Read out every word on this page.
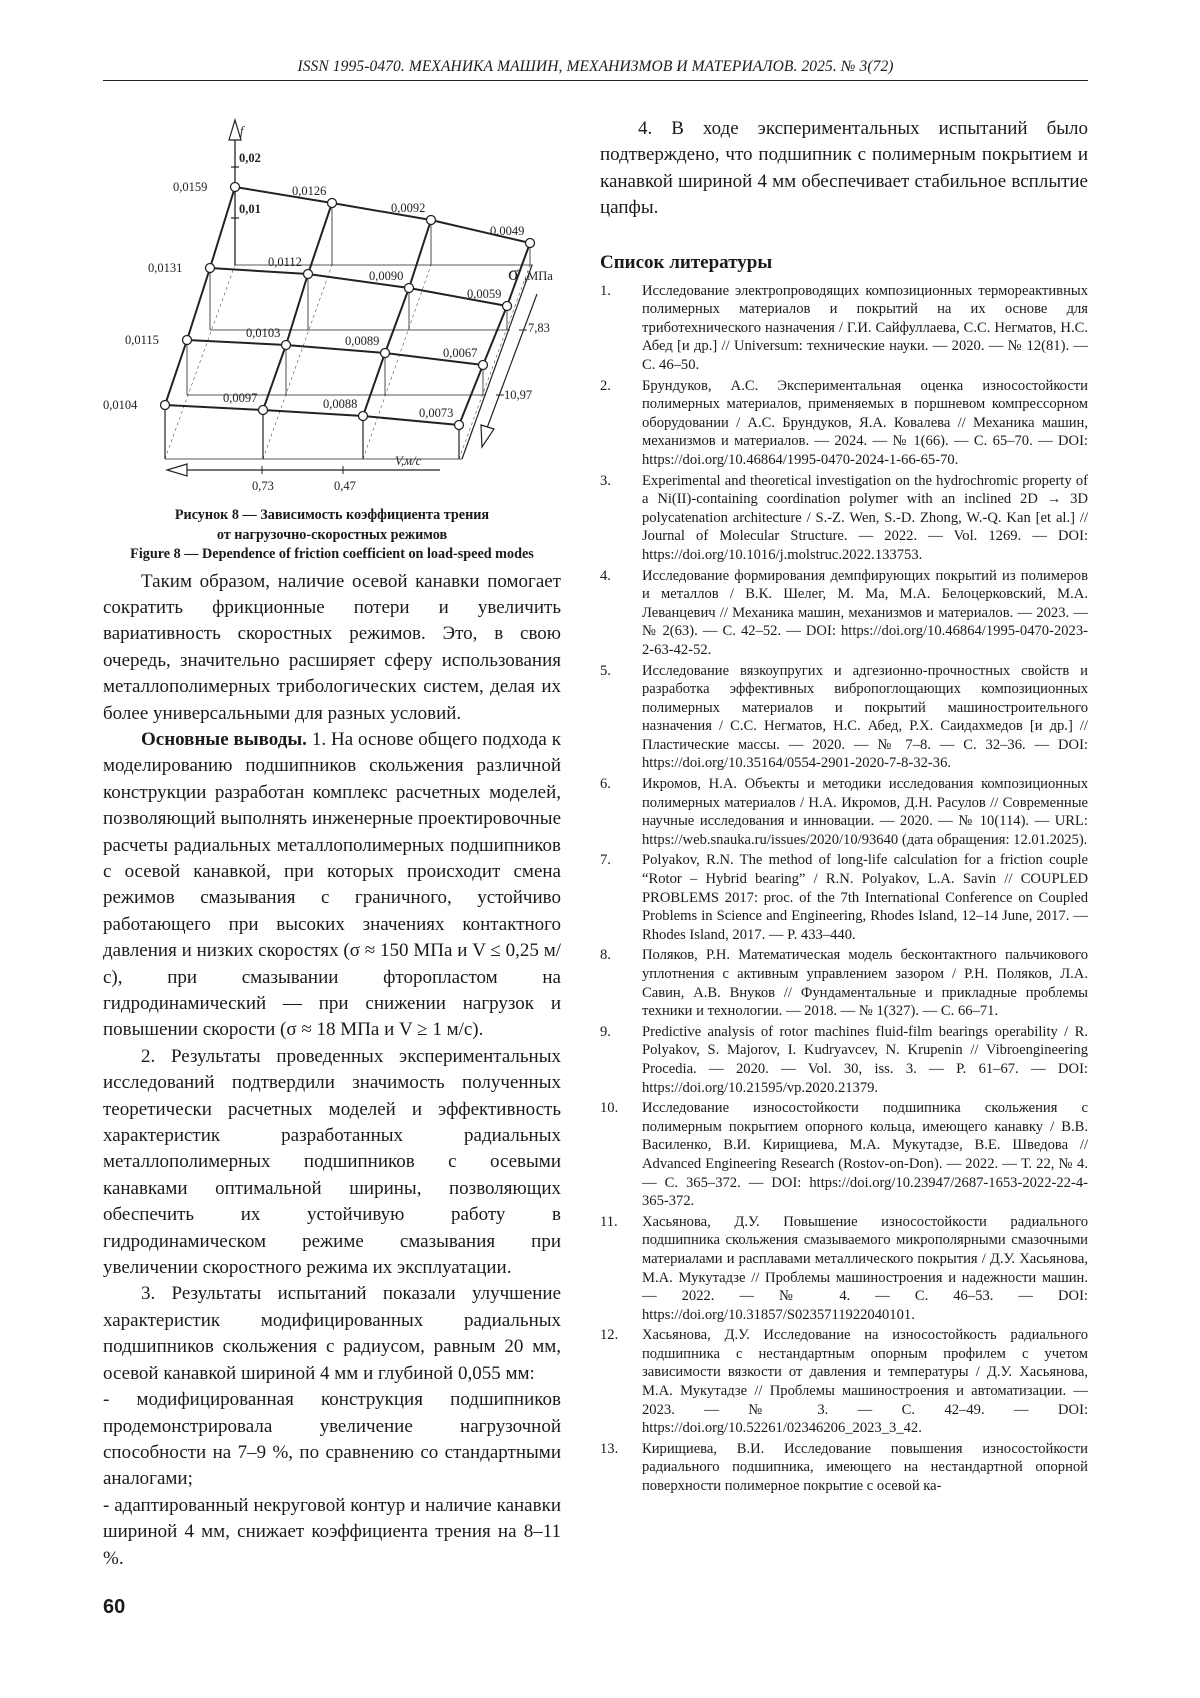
ISSN 1995-0470. МЕХАНИКА МАШИН, МЕХАНИЗМОВ И МАТЕРИАЛОВ. 2025. № 3(72)
0,0159	0,0126
0,0092
0,0049
0,0131	0,0112
0,0090
0,0059
0,0115	0,0103
0,0089
0,0067
0,0104	0,0097	0,0088
0,0073
f
0,02
0,01
σ ,МПа
7,83
10,97
V,м/с
0,73	0,47
Рисунок 8 — Зависимость коэффициента трения
от нагрузочно-скоростных режимов
Figure 8 — Dependence of friction coefficient on load-speed modes

Таким образом, наличие осевой канавки помогает сократить фрикционные потери и увеличить вариативность скоростных режимов. Это, в свою очередь, значительно расширяет сферу использования металлополимерных трибологических систем, делая их более универсальными для разных условий.

Основные выводы. 1. На основе общего подхода к моделированию подшипников скольжения различной конструкции разработан комплекс расчетных моделей, позволяющий выполнять инженерные проектировочные расчеты радиальных металлополимерных подшипников с осевой канавкой, при которых происходит смена режимов смазывания с граничного, устойчиво работающего при высоких значениях контактного давления и низких скоростях (σ ≈ 150 МПа и V ≤ 0,25 м/с), при смазывании фторопластом на гидродинамический — при снижении нагрузок и повышении скорости (σ ≈ 18 МПа и V ≥ 1 м/с).

2. Результаты проведенных экспериментальных исследований подтвердили значимость полученных теоретически расчетных моделей и эффективность характеристик разработанных радиальных металлополимерных подшипников с осевыми канавками оптимальной ширины, позволяющих обеспечить их устойчивую работу в гидродинамическом режиме смазывания при увеличении скоростного режима их эксплуатации.

3. Результаты испытаний показали улучшение характеристик модифицированных радиальных подшипников скольжения с радиусом, равным 20 мм, осевой канавкой шириной 4 мм и глубиной 0,055 мм:

- модифицированная конструкция подшипников продемонстрировала увеличение нагрузочной способности на 7–9 %, по сравнению со стандартными аналогами;

- адаптированный некруговой контур и наличие канавки шириной 4 мм, снижает коэффициента трения на 8–11 %.

60

4. В ходе экспериментальных испытаний было подтверждено, что подшипник с полимерным покрытием и канавкой шириной 4 мм обеспечивает стабильное всплытие цапфы.

Список литературы
1.	Исследование электропроводящих композиционных термореактивных полимерных материалов и покрытий на их основе для триботехнического назначения / Г.И. Сайфуллаева, С.С. Негматов, Н.С. Абед [и др.] // Universum: технические науки. — 2020. — № 12(81). — С. 46–50.
2.	Брундуков, А.С. Экспериментальная оценка износостойкости полимерных материалов, применяемых в поршневом компрессорном оборудовании / А.С. Брундуков, Я.А. Ковалева // Механика машин, механизмов и материалов. — 2024. — № 1(66). — С. 65–70. — DOI: https://doi.org/10.46864/1995-0470-2024-1-66-65-70.
3.	Experimental and theoretical investigation on the hydrochromic property of a Ni(II)-containing coordination polymer with an inclined 2D → 3D polycatenation architecture / S.-Z. Wen, S.-D. Zhong, W.-Q. Kan [et al.] // Journal of Molecular Structure. — 2022. — Vol. 1269. — DOI: https://doi.org/10.1016/j.molstruc.2022.133753.
4.	Исследование формирования демпфирующих покрытий из полимеров и металлов / В.К. Шелег, М. Ма, М.А. Белоцерковский, М.А. Леванцевич // Механика машин, механизмов и материалов. — 2023. — № 2(63). — С. 42–52. — DOI: https://doi.org/10.46864/1995-0470-2023-2-63-42-52.
5.	Исследование вязкоупругих и адгезионно-прочностных свойств и разработка эффективных вибропоглощающих композиционных полимерных материалов и покрытий машиностроительного назначения / С.С. Негматов, Н.С. Абед, Р.Х. Саидахмедов [и др.] // Пластические массы. — 2020. — № 7–8. — С. 32–36. — DOI: https://doi.org/10.35164/0554-2901-2020-7-8-32-36.
6.	Икромов, Н.А. Объекты и методики исследования композиционных полимерных материалов / Н.А. Икромов, Д.Н. Расулов // Современные научные исследования и инновации. — 2020. — № 10(114). — URL: https://web.snauka.ru/issues/2020/10/93640 (дата обращения: 12.01.2025).
7.	Polyakov, R.N. The method of long-life calculation for a friction couple “Rotor – Hybrid bearing” / R.N. Polyakov, L.A. Savin // COUPLED PROBLEMS 2017: proc. of the 7th International Conference on Coupled Problems in Science and Engineering, Rhodes Island, 12–14 June, 2017. — Rhodes Island, 2017. — P. 433–440.
8.	Поляков, Р.Н. Математическая модель бесконтактного пальчикового уплотнения с активным управлением зазором / Р.Н. Поляков, Л.А. Савин, А.В. Внуков // Фундаментальные и прикладные проблемы техники и технологии. — 2018. — № 1(327). — С. 66–71.
9.	Predictive analysis of rotor machines fluid-film bearings operability / R. Polyakov, S. Majorov, I. Kudryavcev, N. Krupenin // Vibroengineering Procedia. — 2020. — Vol. 30, iss. 3. — P. 61–67. — DOI: https://doi.org/10.21595/vp.2020.21379.
10.	Исследование износостойкости подшипника скольжения с полимерным покрытием опорного кольца, имеющего канавку / В.В. Василенко, В.И. Кирищиева, М.А. Мукутадзе, В.Е. Шведова // Advanced Engineering Research (Rostov-on-Don). — 2022. — Т. 22, № 4. — С. 365–372. — DOI: https://doi.org/10.23947/2687-1653-2022-22-4-365-372.
11.	Хасьянова, Д.У. Повышение износостойкости радиального подшипника скольжения смазываемого микрополярными смазочными материалами и расплавами металлического покрытия / Д.У. Хасьянова, М.А. Мукутадзе // Проблемы машиностроения и надежности машин. — 2022. — № 4. — С. 46–53. — DOI: https://doi.org/10.31857/S0235711922040101.
12.	Хасьянова, Д.У. Исследование на износостойкость радиального подшипника с нестандартным опорным профилем с учетом зависимости вязкости от давления и температуры / Д.У. Хасьянова, М.А. Мукутадзе // Проблемы машиностроения и автоматизации. — 2023. — № 3. — С. 42–49. — DOI: https://doi.org/10.52261/02346206_2023_3_42.
13.	Кирищиева, В.И. Исследование повышения износостойкости радиального подшипника, имеющего на нестандартной опорной поверхности полимерное покрытие с осевой ка-
